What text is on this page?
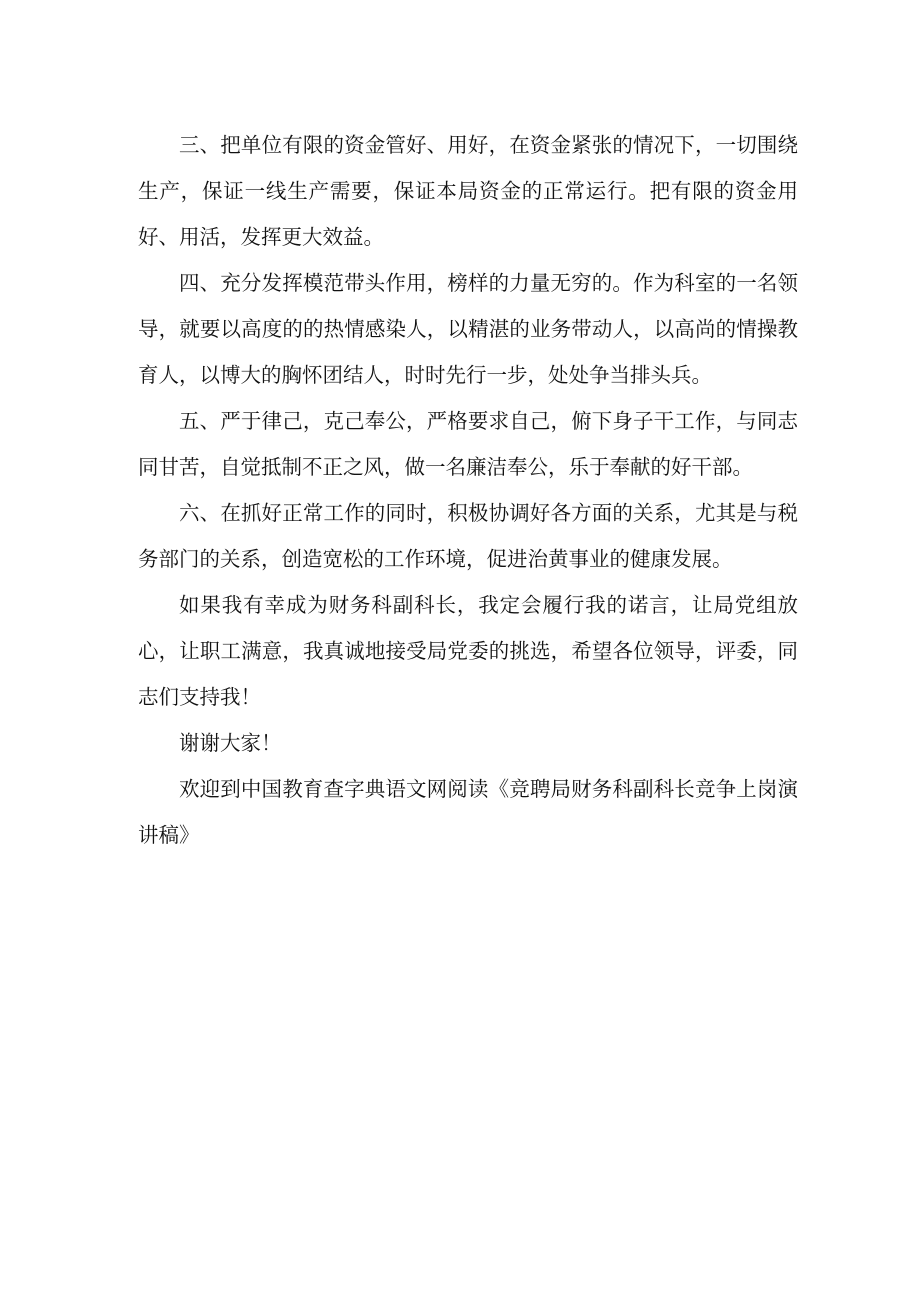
三、把单位有限的资金管好、用好，在资金紧张的情况下，一切围绕生产，保证一线生产需要，保证本局资金的正常运行。把有限的资金用好、用活，发挥更大效益。

四、充分发挥模范带头作用，榜样的力量无穷的。作为科室的一名领导，就要以高度的的热情感染人，以精湛的业务带动人，以高尚的情操教育人，以博大的胸怀团结人，时时先行一步，处处争当排头兵。

五、严于律己，克己奉公，严格要求自己，俯下身子干工作，与同志同甘苦，自觉抵制不正之风，做一名廉洁奉公，乐于奉献的好干部。

六、在抓好正常工作的同时，积极协调好各方面的关系，尤其是与税务部门的关系，创造宽松的工作环境，促进治黄事业的健康发展。

如果我有幸成为财务科副科长，我定会履行我的诺言，让局党组放心，让职工满意，我真诚地接受局党委的挑选，希望各位领导，评委，同志们支持我！

谢谢大家！

欢迎到中国教育查字典语文网阅读《竞聘局财务科副科长竞争上岗演讲稿》
